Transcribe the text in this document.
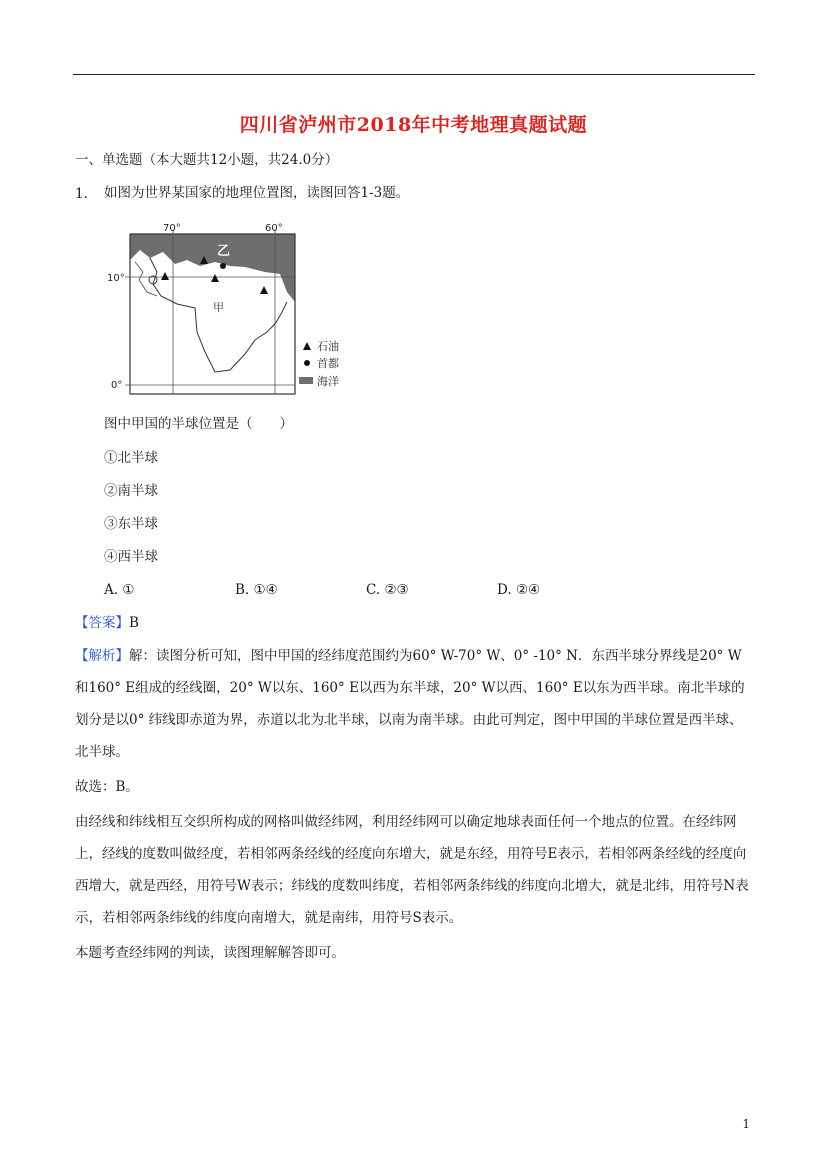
四川省泸州市2018年中考地理真题试题
一、单选题（本大题共12小题，共24.0分）
1. 如图为世界某国家的地理位置图，读图回答1-3题。
70°	60°
10°
0°
乙
甲
石油
首都
海洋
图中甲国的半球位置是（　　）
①北半球
②南半球
③东半球
④西半球
A. ①	B. ①④	C. ②③	D. ②④
【答案】B
【解析】解：读图分析可知，图中甲国的经纬度范围约为60° W-70° W、0° -10° N．东西半球分界线是20° W和160° E组成的经线圈，20° W以东、160° E以西为东半球，20° W以西、160° E以东为西半球。南北半球的划分是以0° 纬线即赤道为界，赤道以北为北半球，以南为南半球。由此可判定，图中甲国的半球位置是西半球、北半球。
故选：B。
由经线和纬线相互交织所构成的网格叫做经纬网，利用经纬网可以确定地球表面任何一个地点的位置。在经纬网上，经线的度数叫做经度，若相邻两条经线的经度向东增大，就是东经，用符号E表示，若相邻两条经线的经度向西增大，就是西经，用符号W表示；纬线的度数叫纬度，若相邻两条纬线的纬度向北增大，就是北纬，用符号N表示，若相邻两条纬线的纬度向南增大，就是南纬，用符号S表示。
本题考查经纬网的判读，读图理解解答即可。
1
